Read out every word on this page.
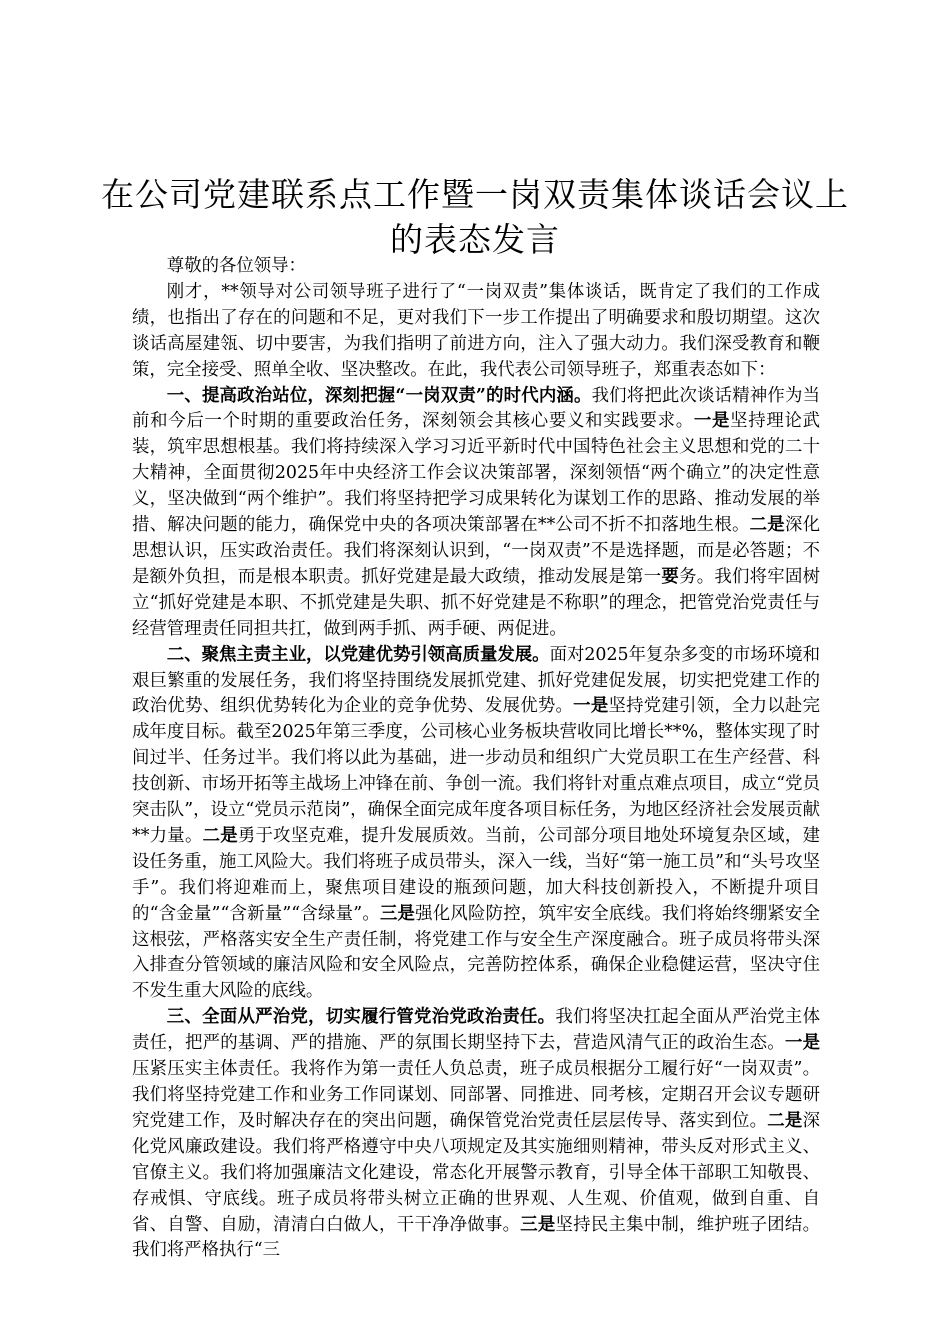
在公司党建联系点工作暨一岗双责集体谈话会议上的表态发言

尊敬的各位领导：

刚才，**领导对公司领导班子进行了“一岗双责”集体谈话，既肯定了我们的工作成绩，也指出了存在的问题和不足，更对我们下一步工作提出了明确要求和殷切期望。这次谈话高屋建瓴、切中要害，为我们指明了前进方向，注入了强大动力。我们深受教育和鞭策，完全接受、照单全收、坚决整改。在此，我代表公司领导班子，郑重表态如下：

一、提高政治站位，深刻把握“一岗双责”的时代内涵。我们将把此次谈话精神作为当前和今后一个时期的重要政治任务，深刻领会其核心要义和实践要求。一是坚持理论武装，筑牢思想根基。我们将持续深入学习习近平新时代中国特色社会主义思想和党的二十大精神，全面贯彻2025年中央经济工作会议决策部署，深刻领悟“两个确立”的决定性意义，坚决做到“两个维护”。我们将坚持把学习成果转化为谋划工作的思路、推动发展的举措、解决问题的能力，确保党中央的各项决策部署在**公司不折不扣落地生根。二是深化思想认识，压实政治责任。我们将深刻认识到，“一岗双责”不是选择题，而是必答题；不是额外负担，而是根本职责。抓好党建是最大政绩，推动发展是第一要务。我们将牢固树立“抓好党建是本职、不抓党建是失职、抓不好党建是不称职”的理念，把管党治党责任与经营管理责任同担共扛，做到两手抓、两手硬、两促进。

二、聚焦主责主业，以党建优势引领高质量发展。面对2025年复杂多变的市场环境和艰巨繁重的发展任务，我们将坚持围绕发展抓党建、抓好党建促发展，切实把党建工作的政治优势、组织优势转化为企业的竞争优势、发展优势。一是坚持党建引领，全力以赴完成年度目标。截至2025年第三季度，公司核心业务板块营收同比增长**%，整体实现了时间过半、任务过半。我们将以此为基础，进一步动员和组织广大党员职工在生产经营、科技创新、市场开拓等主战场上冲锋在前、争创一流。我们将针对重点难点项目，成立“党员突击队”，设立“党员示范岗”，确保全面完成年度各项目标任务，为地区经济社会发展贡献**力量。二是勇于攻坚克难，提升发展质效。当前，公司部分项目地处环境复杂区域，建设任务重，施工风险大。我们将班子成员带头，深入一线，当好“第一施工员”和“头号攻坚手”。我们将迎难而上，聚焦项目建设的瓶颈问题，加大科技创新投入，不断提升项目的“含金量”“含新量”“含绿量”。三是强化风险防控，筑牢安全底线。我们将始终绷紧安全这根弦，严格落实安全生产责任制，将党建工作与安全生产深度融合。班子成员将带头深入排查分管领域的廉洁风险和安全风险点，完善防控体系，确保企业稳健运营，坚决守住不发生重大风险的底线。

三、全面从严治党，切实履行管党治党政治责任。我们将坚决扛起全面从严治党主体责任，把严的基调、严的措施、严的氛围长期坚持下去，营造风清气正的政治生态。一是压紧压实主体责任。我将作为第一责任人负总责，班子成员根据分工履行好“一岗双责”。我们将坚持党建工作和业务工作同谋划、同部署、同推进、同考核，定期召开会议专题研究党建工作，及时解决存在的突出问题，确保管党治党责任层层传导、落实到位。二是深化党风廉政建设。我们将严格遵守中央八项规定及其实施细则精神，带头反对形式主义、官僚主义。我们将加强廉洁文化建设，常态化开展警示教育，引导全体干部职工知敬畏、存戒惧、守底线。班子成员将带头树立正确的世界观、人生观、价值观，做到自重、自省、自警、自励，清清白白做人，干干净净做事。三是坚持民主集中制，维护班子团结。我们将严格执行“三
